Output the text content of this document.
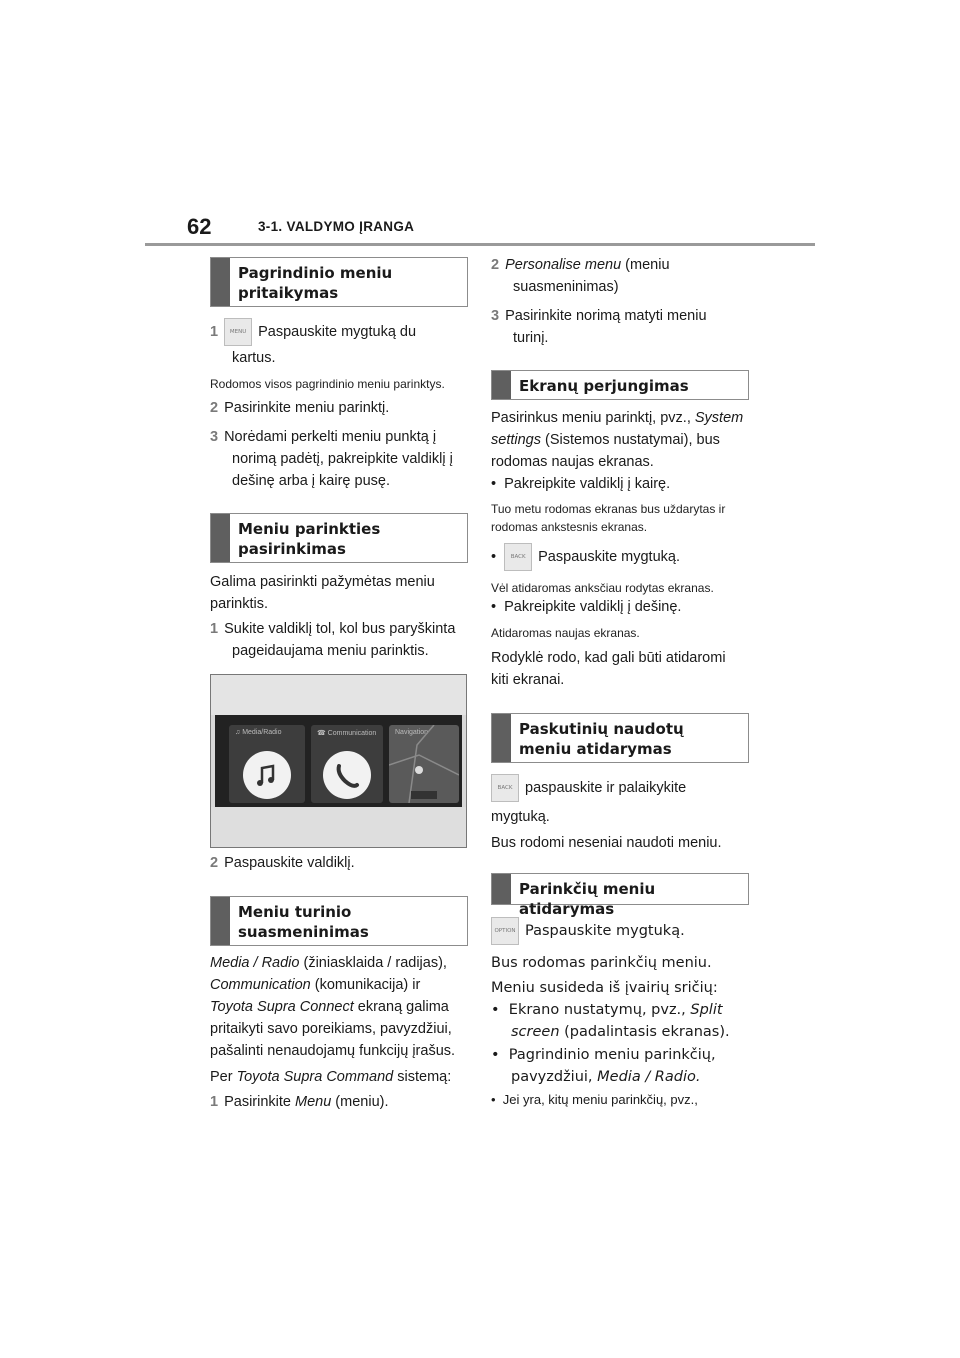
62	3-1. VALDYMO ĮRANGA
Pagrindinio meniu pritaikymas
1 MENU Paspauskite mygtuką du
kartus.
Rodomos visos pagrindinio meniu parinktys.
2 Pasirinkite meniu parinktį.
3 Norėdami perkelti meniu punktą į
norimą padėtį, pakreipkite valdiklį į
dešinę arba į kairę pusę.
Meniu parinkties pasirinkimas
Galima pasirinkti pažymėtas meniu
parinktis.
1 Sukite valdiklį tol, kol bus paryškinta
pageidaujama meniu parinktis.
♫ Media/Radio	☎ Communication	Navigation
2 Paspauskite valdiklį.
Meniu turinio suasmeninimas
Media / Radio (žiniasklaida / radijas),
Communication (komunikacija) ir
Toyota Supra Connect ekraną galima
pritaikyti savo poreikiams, pavyzdžiui,
pašalinti nenaudojamų funkcijų įrašus.
Per Toyota Supra Command sistemą:
1 Pasirinkite Menu (meniu).
2 Personalise menu (meniu
suasmeninimas)
3 Pasirinkite norimą matyti meniu
turinį.
Ekranų perjungimas
Pasirinkus meniu parinktį, pvz., System
settings (Sistemos nustatymai), bus
rodomas naujas ekranas.
•  Pakreipkite valdiklį į kairę.
Tuo metu rodomas ekranas bus uždarytas ir
rodomas ankstesnis ekranas.
•  BACK Paspauskite mygtuką.
Vėl atidaromas anksčiau rodytas ekranas.
•  Pakreipkite valdiklį į dešinę.
Atidaromas naujas ekranas.
Rodyklė rodo, kad gali būti atidaromi
kiti ekranai.
Paskutinių naudotų meniu atidarymas
BACK paspauskite ir palaikykite
mygtuką.
Bus rodomi neseniai naudoti meniu.
Parinkčių meniu atidarymas
OPTION Paspauskite mygtuką.
Bus rodomas parinkčių meniu.
Meniu susideda iš įvairių sričių:
•  Ekrano nustatymų, pvz., Split
screen (padalintasis ekranas).
•  Pagrindinio meniu parinkčių,
pavyzdžiui, Media / Radio.
•  Jei yra, kitų meniu parinkčių, pvz.,
